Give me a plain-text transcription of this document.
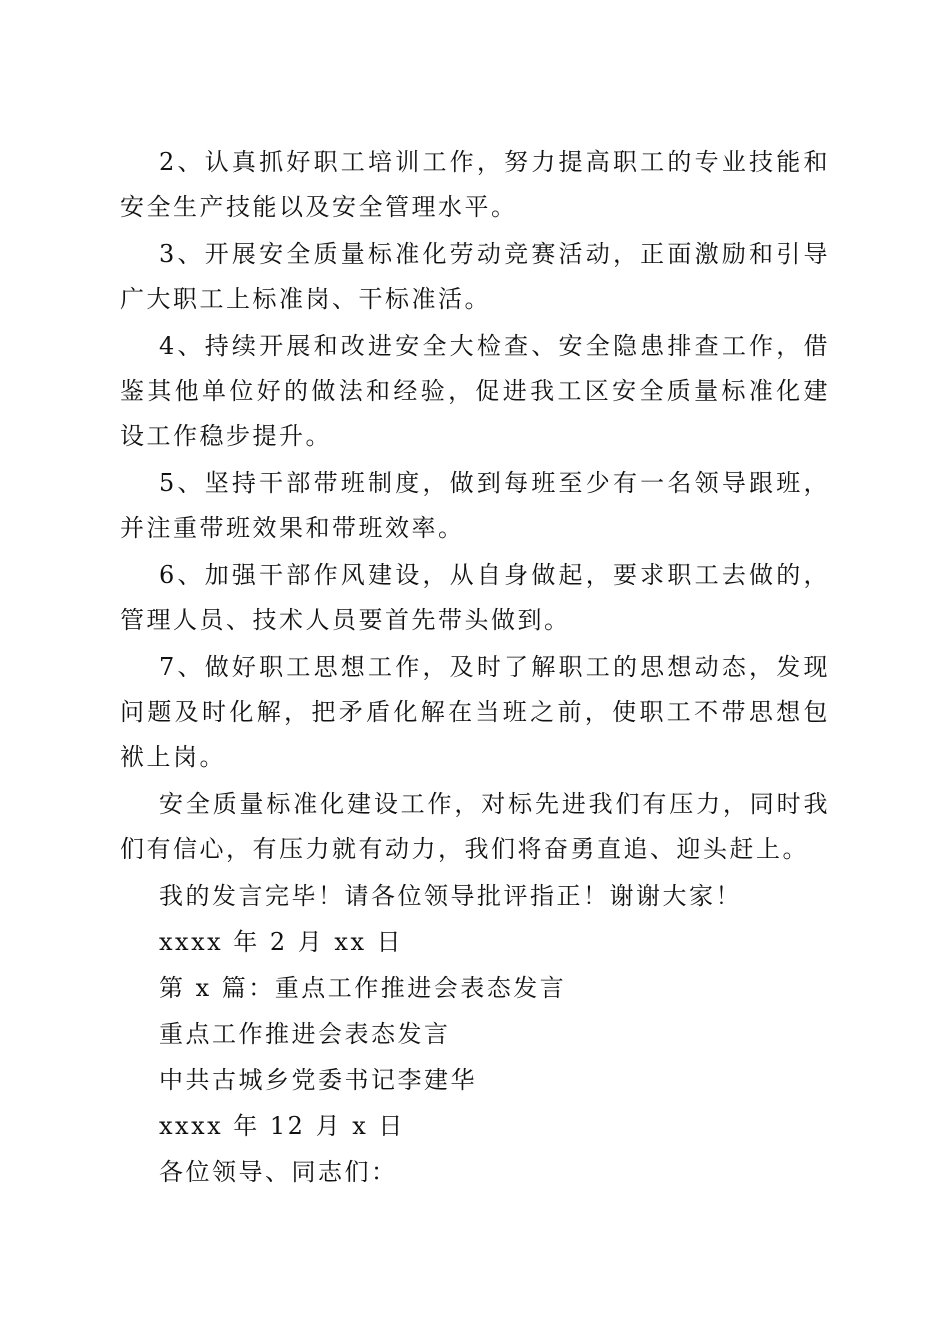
2、认真抓好职工培训工作，努力提高职工的专业技能和安全生产技能以及安全管理水平。

3、开展安全质量标准化劳动竞赛活动，正面激励和引导广大职工上标准岗、干标准活。

4、持续开展和改进安全大检查、安全隐患排查工作，借鉴其他单位好的做法和经验，促进我工区安全质量标准化建设工作稳步提升。

5、坚持干部带班制度，做到每班至少有一名领导跟班，并注重带班效果和带班效率。

6、加强干部作风建设，从自身做起，要求职工去做的，管理人员、技术人员要首先带头做到。

7、做好职工思想工作，及时了解职工的思想动态，发现问题及时化解，把矛盾化解在当班之前，使职工不带思想包袱上岗。

安全质量标准化建设工作，对标先进我们有压力，同时我们有信心，有压力就有动力，我们将奋勇直追、迎头赶上。

我的发言完毕！请各位领导批评指正！谢谢大家！

xxxx 年 2 月 xx 日

第 x 篇：重点工作推进会表态发言

重点工作推进会表态发言

中共古城乡党委书记李建华

xxxx 年 12 月 x 日

各位领导、同志们：
